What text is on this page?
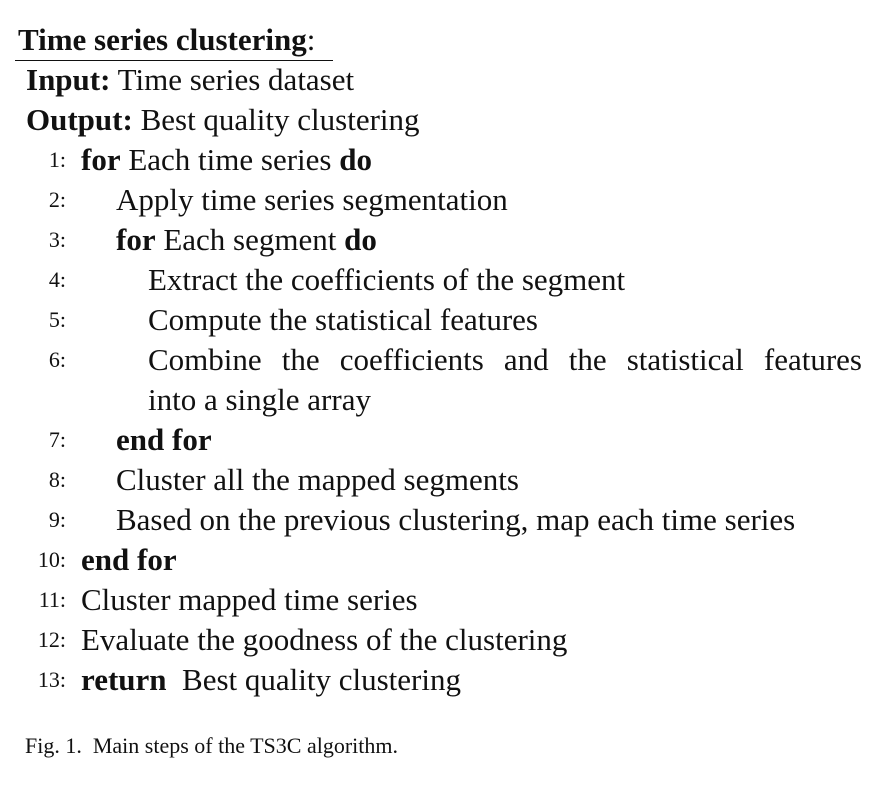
Time series clustering:
Input: Time series dataset
Output: Best quality clustering
1: for Each time series do
2: Apply time series segmentation
3: for Each segment do
4:	Extract the coefficients of the segment
5:	Compute the statistical features
6:	Combine the coefficients and the statistical features
into a single array
7: end for
8: Cluster all the mapped segments
9: Based on the previous clustering, map each time series
10: end for
11: Cluster mapped time series
12: Evaluate the goodness of the clustering
13: return  Best quality clustering
Fig. 1.  Main steps of the TS3C algorithm.
